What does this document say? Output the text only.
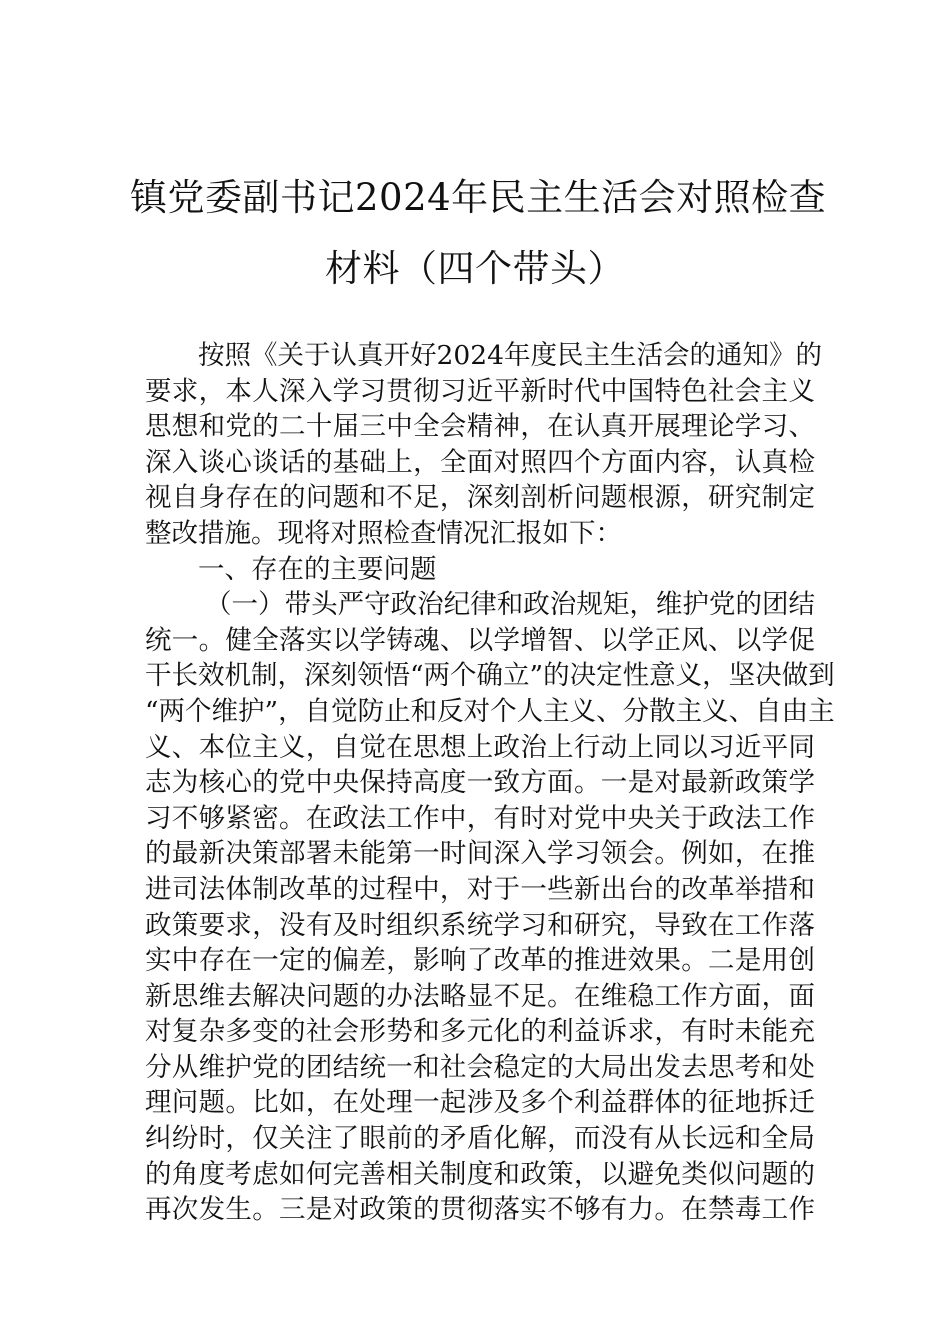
镇党委副书记2024年民主生活会对照检查
材料（四个带头）
按照《关于认真开好2024年度民主生活会的通知》的
要求，本人深入学习贯彻习近平新时代中国特色社会主义
思想和党的二十届三中全会精神，在认真开展理论学习、
深入谈心谈话的基础上，全面对照四个方面内容，认真检
视自身存在的问题和不足，深刻剖析问题根源，研究制定
整改措施。现将对照检查情况汇报如下：
一、存在的主要问题
（一）带头严守政治纪律和政治规矩，维护党的团结
统一。健全落实以学铸魂、以学增智、以学正风、以学促
干长效机制，深刻领悟“两个确立”的决定性意义，坚决做到
“两个维护”，自觉防止和反对个人主义、分散主义、自由主
义、本位主义，自觉在思想上政治上行动上同以习近平同
志为核心的党中央保持高度一致方面。一是对最新政策学
习不够紧密。在政法工作中，有时对党中央关于政法工作
的最新决策部署未能第一时间深入学习领会。例如，在推
进司法体制改革的过程中，对于一些新出台的改革举措和
政策要求，没有及时组织系统学习和研究，导致在工作落
实中存在一定的偏差，影响了改革的推进效果。二是用创
新思维去解决问题的办法略显不足。在维稳工作方面，面
对复杂多变的社会形势和多元化的利益诉求，有时未能充
分从维护党的团结统一和社会稳定的大局出发去思考和处
理问题。比如，在处理一起涉及多个利益群体的征地拆迁
纠纷时，仅关注了眼前的矛盾化解，而没有从长远和全局
的角度考虑如何完善相关制度和政策，以避免类似问题的
再次发生。三是对政策的贯彻落实不够有力。在禁毒工作
